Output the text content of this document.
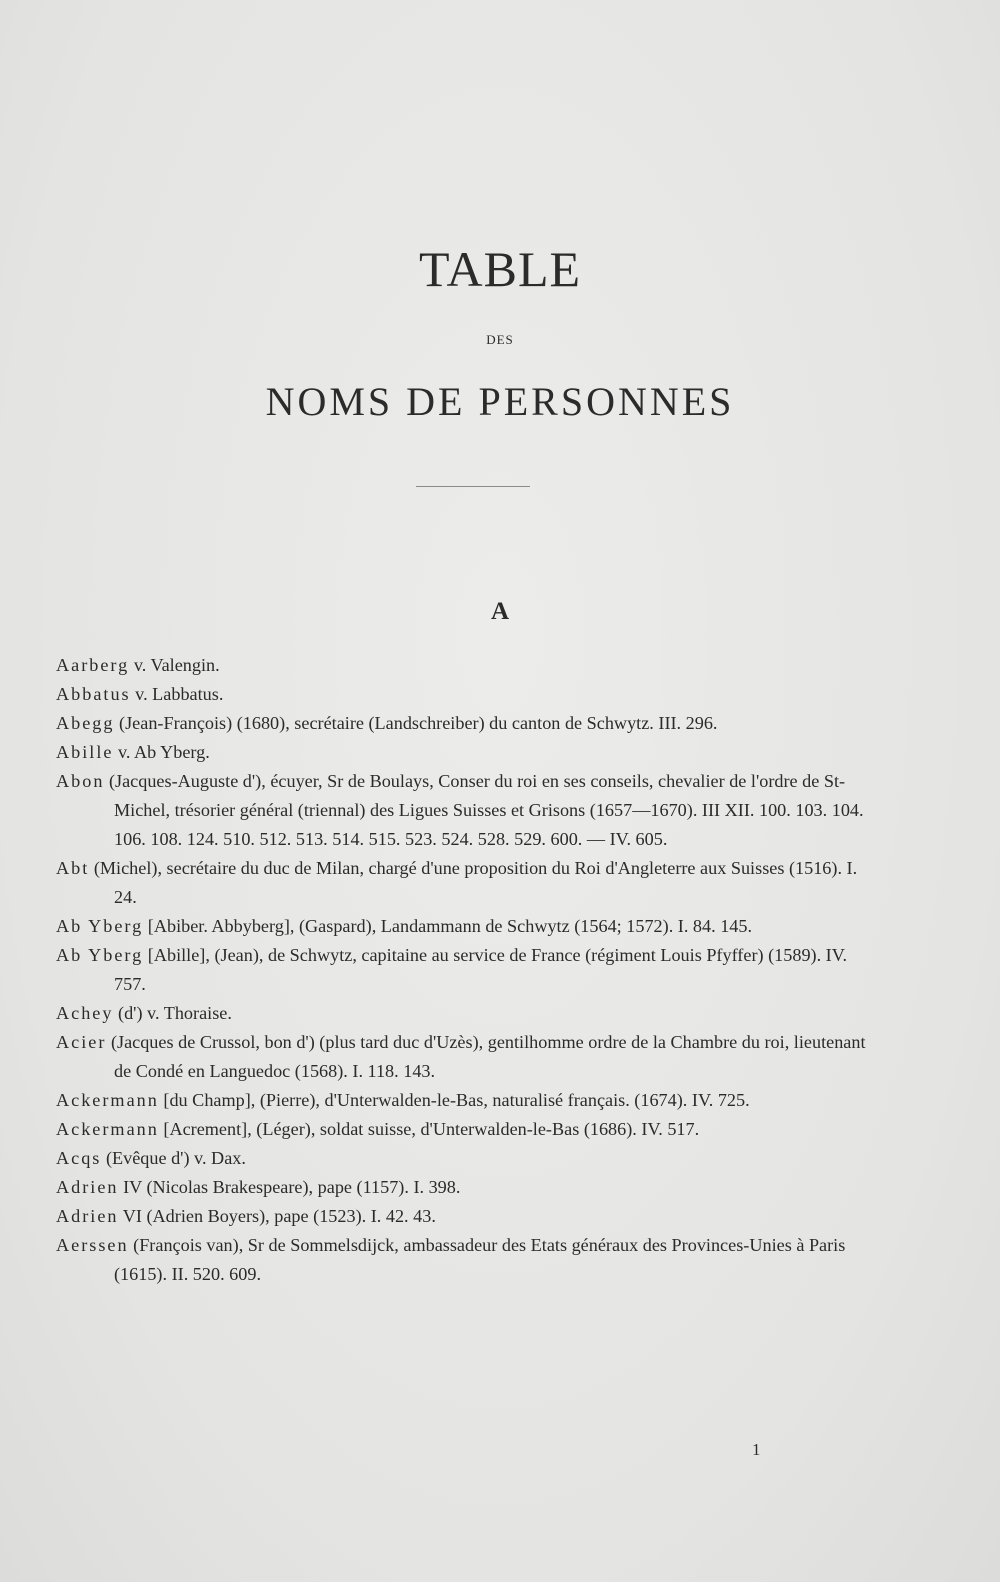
TABLE
DES
NOMS DE PERSONNES
A

Aarberg v. Valengin.

Abbatus v. Labbatus.

Abegg (Jean-François) (1680), secrétaire (Landschreiber) du canton de Schwytz. III. 296.

Abille v. Ab Yberg.

Abon (Jacques-Auguste d'), écuyer, Sr de Boulays, Conser du roi en ses conseils, chevalier de l'ordre de St-Michel, trésorier général (triennal) des Ligues Suisses et Grisons (1657—1670). III XII. 100. 103. 104. 106. 108. 124. 510. 512. 513. 514. 515. 523. 524. 528. 529. 600. — IV. 605.

Abt (Michel), secrétaire du duc de Milan, chargé d'une proposition du Roi d'Angleterre aux Suisses (1516). I. 24.

Ab Yberg [Abiber. Abbyberg], (Gaspard), Landammann de Schwytz (1564; 1572). I. 84. 145.

Ab Yberg [Abille], (Jean), de Schwytz, capitaine au service de France (régiment Louis Pfyffer) (1589). IV. 757.

Achey (d') v. Thoraise.

Acier (Jacques de Crussol, bon d') (plus tard duc d'Uzès), gentilhomme ordre de la Chambre du roi, lieutenant de Condé en Languedoc (1568). I. 118. 143.

Ackermann [du Champ], (Pierre), d'Unterwalden-le-Bas, naturalisé français. (1674). IV. 725.

Ackermann [Acrement], (Léger), soldat suisse, d'Unterwalden-le-Bas (1686). IV. 517.

Acqs (Evêque d') v. Dax.

Adrien IV (Nicolas Brakespeare), pape (1157). I. 398.

Adrien VI (Adrien Boyers), pape (1523). I. 42. 43.

Aerssen (François van), Sr de Sommelsdijck, ambassadeur des Etats généraux des Provinces-Unies à Paris (1615). II. 520. 609.

1
